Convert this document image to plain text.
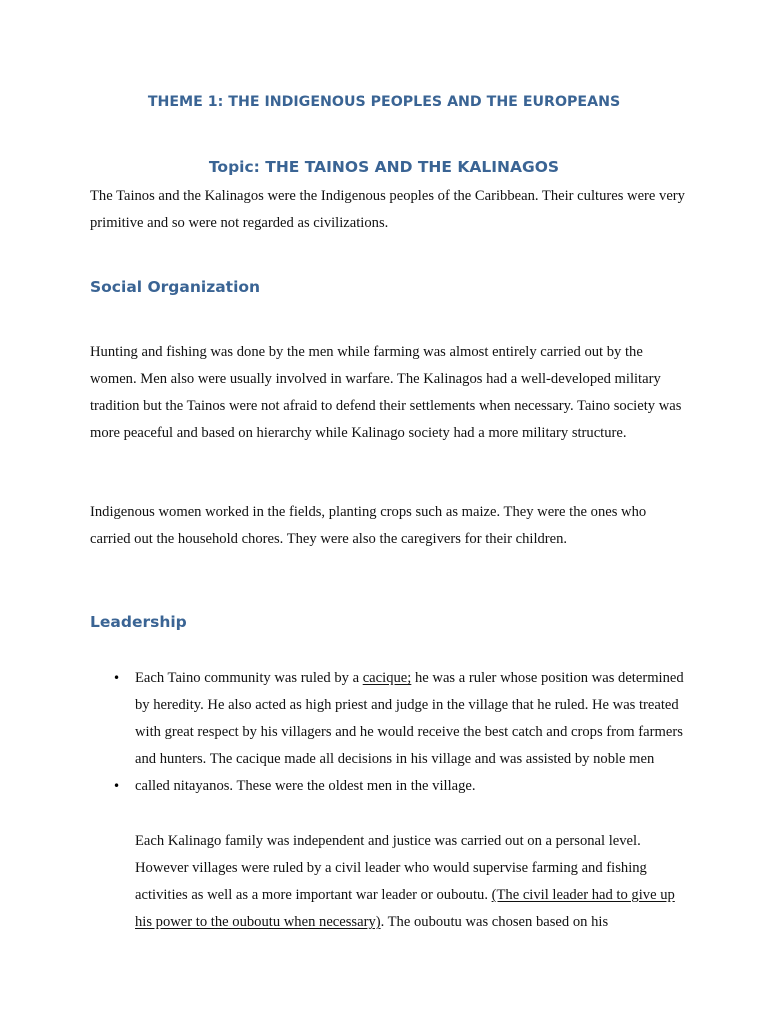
THEME 1: THE INDIGENOUS PEOPLES AND THE EUROPEANS
Topic: THE TAINOS AND THE KALINAGOS

The Tainos and the Kalinagos were the Indigenous peoples of the Caribbean. Their cultures were very primitive and so were not regarded as civilizations.

Social Organization

Hunting and fishing was done by the men while farming was almost entirely carried out by the women. Men also were usually involved in warfare. The Kalinagos had a well-developed military tradition but the Tainos were not afraid to defend their settlements when necessary. Taino society was more peaceful and based on hierarchy while Kalinago society had a more military structure.

Indigenous women worked in the fields, planting crops such as maize. They were the ones who carried out the household chores. They were also the caregivers for their children.

Leadership
• Each Taino community was ruled by a cacique; he was a ruler whose position was determined by heredity. He also acted as high priest and judge in the village that he ruled. He was treated with great respect by his villagers and he would receive the best catch and crops from farmers and hunters. The cacique made all decisions in his village and was assisted by noble men called nitayanos. These were the oldest men in the village.
•

Each Kalinago family was independent and justice was carried out on a personal level. However villages were ruled by a civil leader who would supervise farming and fishing activities as well as a more important war leader or ouboutu. (The civil leader had to give up his power to the ouboutu when necessary). The ouboutu was chosen based on his
